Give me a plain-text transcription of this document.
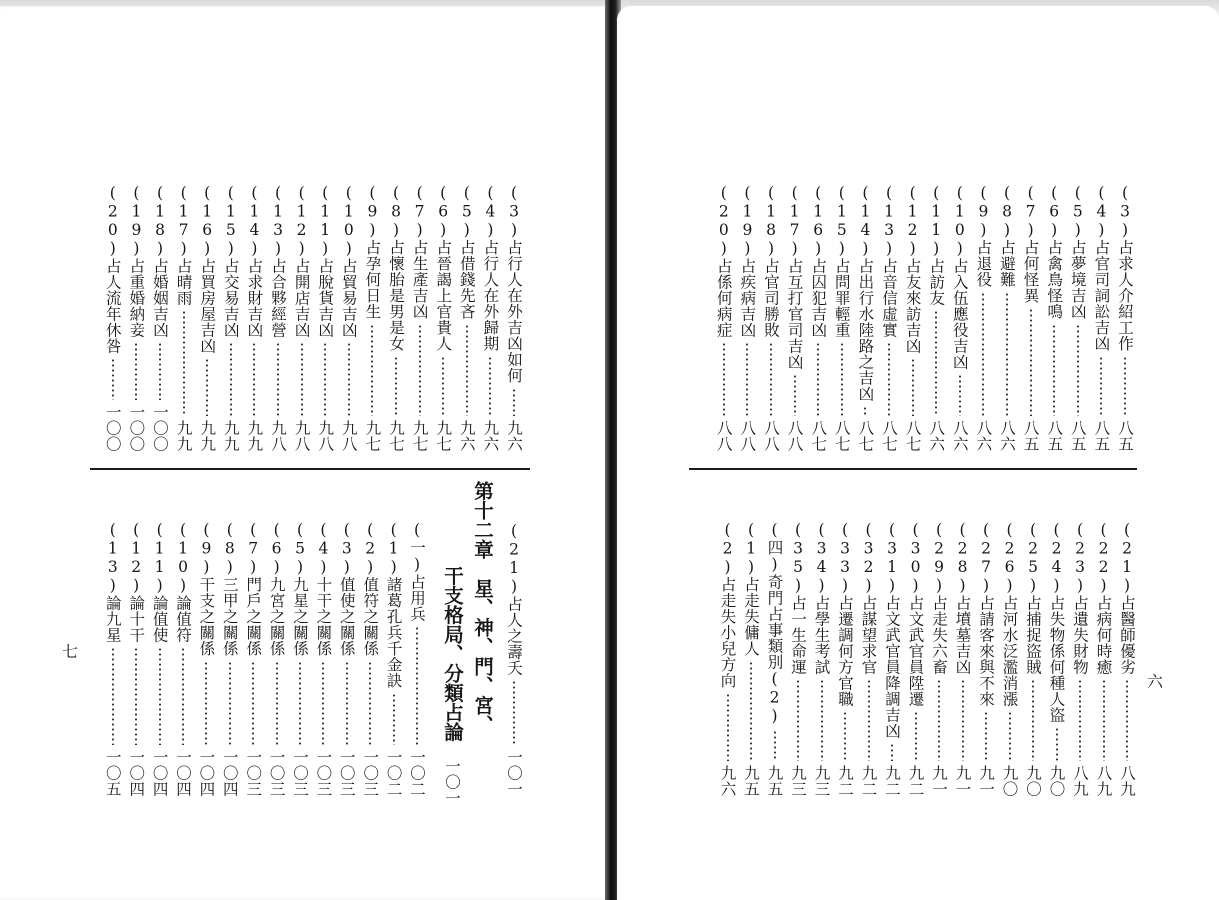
(3)占行人在外吉凶如何
九六
(4)占行人在外歸期
九六
(5)占借錢先吝
九六
(6)占晉謁上官貴人
九七
(7)占生產吉凶
九七
(8)占懷胎是男是女
九七
(9)占孕何日生
九七
(10)占貿易吉凶
九八
(11)占脫貨吉凶
九八
(12)占開店吉凶
九八
(13)占合夥經營
九八
(14)占求財吉凶
九九
(15)占交易吉凶
九九
(16)占買房屋吉凶
九九
(17)占晴雨
九九
(18)占婚姻吉凶
一〇〇
(19)占重婚納妾
一〇〇
(20)占人流年休咎
一〇〇
(一)占用兵
一〇二
(1)諸葛孔兵千金訣
一〇二
(2)值符之關係
一〇三
(3)值使之關係
一〇三
(4)十干之關係
一〇三
(5)九星之關係
一〇三
(6)九宮之關係
一〇三
(7)門戶之關係
一〇三
(8)三甲之關係
一〇四
(9)干支之關係
一〇四
(10)論值符
一〇四
(11)論值使
一〇四
(12)論十干
一〇四
(13)論九星
一〇五
(21)占人之壽夭
一〇一
第十二章　星、神、門、宮、
干支格局、分類占論
一〇一
七
(3)占求人介紹工作
八五
(4)占官司詞訟吉凶
八五
(5)占夢境吉凶
八五
(6)占禽鳥怪鳴
八五
(7)占何怪異
八五
(8)占避難
八六
(9)占退役
八六
(10)占入伍應役吉凶
八六
(11)占訪友
八六
(12)占友來訪吉凶
八七
(13)占音信虛實
八七
(14)占出行水陸路之吉凶
八七
(15)占問罪輕重
八七
(16)占囚犯吉凶
八七
(17)占互打官司吉凶
八八
(18)占官司勝敗
八八
(19)占疾病吉凶
八八
(20)占係何病症
八八
(21)占醫師優劣
八九
(22)占病何時癒
八九
(23)占遺失財物
八九
(24)占失物係何種人盜
九〇
(25)占捕捉盜賊
九〇
(26)占河水泛濫消漲
九〇
(27)占請客來與不來
九一
(28)占墳墓吉凶
九一
(29)占走失六畜
九一
(30)占文武官員陞遷
九二
(31)占文武官員降調吉凶
九二
(32)占謀望求官
九二
(33)占遷調何方官職
九二
(34)占學生考試
九三
(35)占一生命運
九三
(四)奇門占事類別(2)
九五
(1)占走失傭人
九五
(2)占走失小兒方向
九六
六
